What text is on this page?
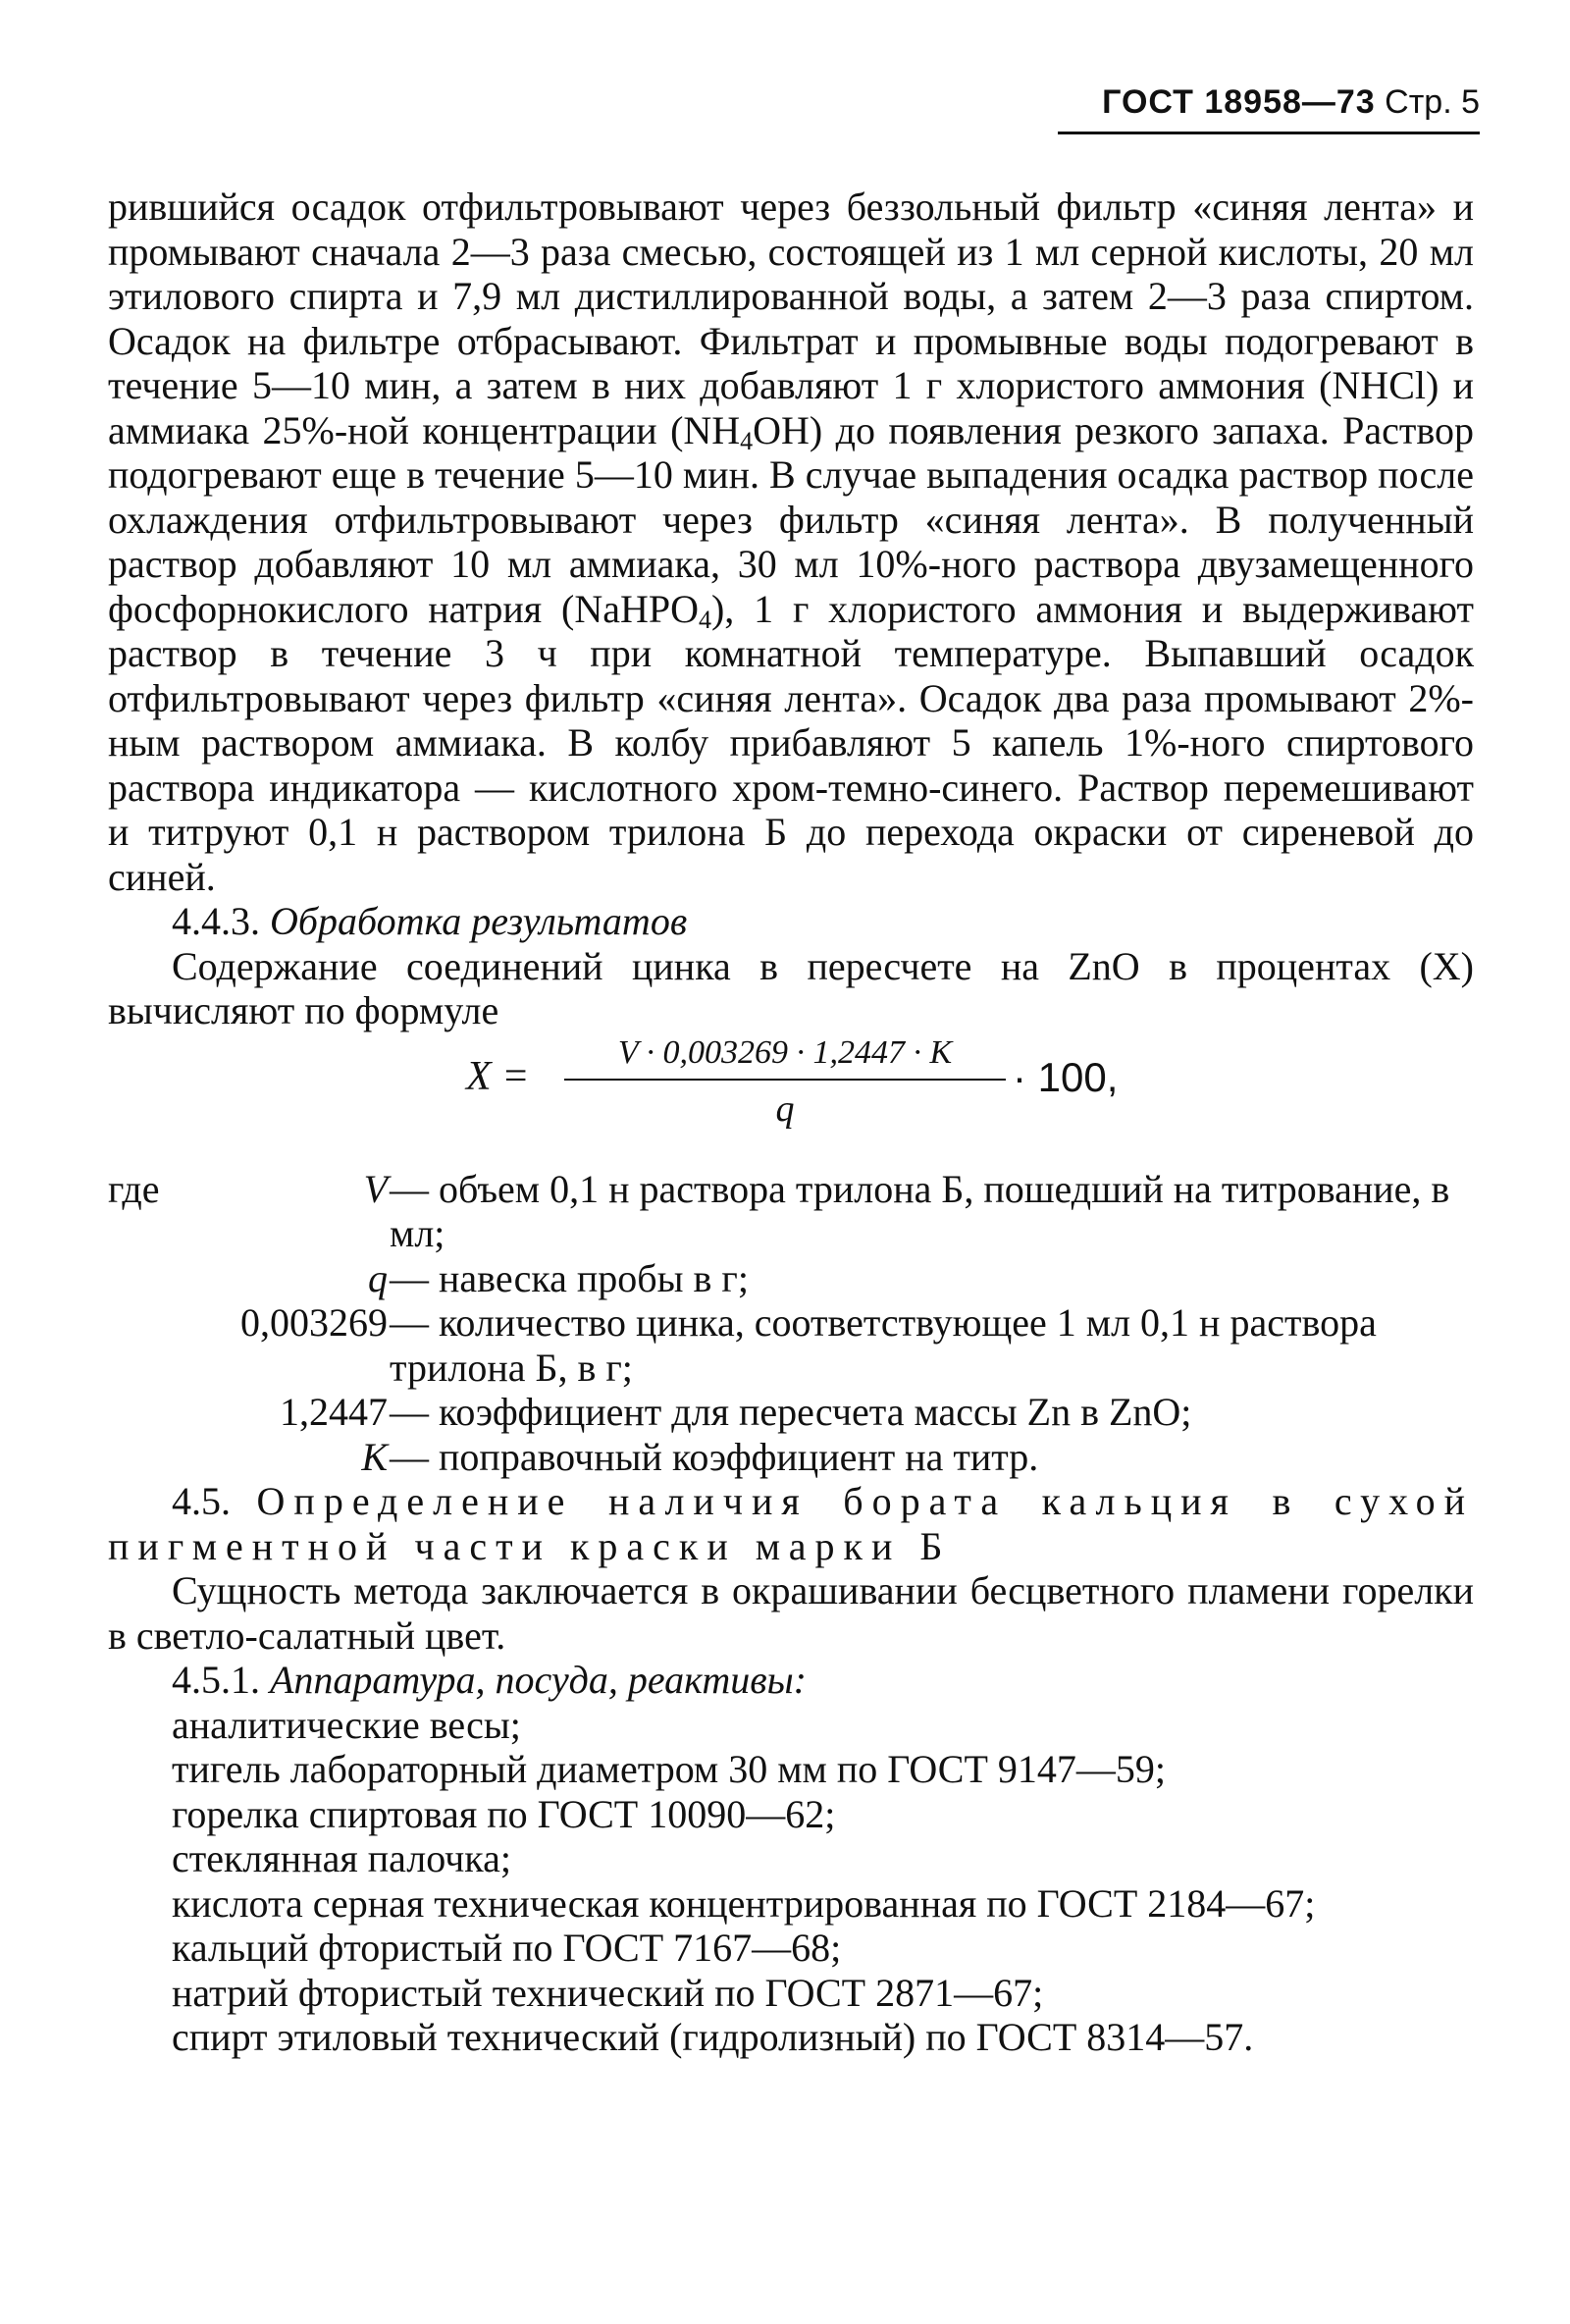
ГОСТ 18958—73 Стр. 5

рившийся осадок отфильтровывают через беззольный фильтр «синяя лента» и промывают сначала 2—3 раза смесью, состоящей из 1 мл серной кислоты, 20 мл этилового спирта и 7,9 мл дистиллированной воды, а затем 2—3 раза спиртом. Осадок на фильтре отбрасывают. Фильтрат и промывные воды подогревают в течение 5—10 мин, а затем в них добавляют 1 г хлористого аммония (NHCl) и аммиака 25%-ной концентрации $(NH_4OH)$ до появления резкого запаха. Раствор подогревают еще в течение 5—10 мин. В случае выпадения осадка раствор после охлаждения отфильтровывают через фильтр «синяя лента». В полученный раствор добавляют 10 мл аммиака, 30 мл 10%-ного раствора двузамещенного фосфорнокислого натрия (NaHPO$_4$), 1 г хлористого аммония и выдерживают раствор в течение 3 ч при комнатной температуре. Выпавший осадок отфильтровывают через фильтр «синяя лента». Осадок два раза промывают 2%-ным раствором аммиака. В колбу прибавляют 5 капель 1%-ного спиртового раствора индикатора — кислотного хром-темно-синего. Раствор перемешивают и титруют 0,1 н раствором трилона Б до перехода окраски от сиреневой до синей.

4.4.3. Обработка результатов

Содержание соединений цинка в пересчете на ZnO в процентах (X) вычисляют по формуле

X =
V · 0,003269 · 1,2447 · K
q
· 100,
где	V — объем 0,1 н раствора трилона Б, пошедший на титрование, в мл;
q — навеска пробы в г;
0,003269 — количество цинка, соответствующее 1 мл 0,1 н раствора трилона Б, в г;
1,2447 — коэффициент для пересчета массы Zn в ZnO;
K — поправочный коэффициент на титр.

4.5. Определение наличия бората кальция в сухой пигментной части краски марки Б

Сущность метода заключается в окрашивании бесцветного пламени горелки в светло-салатный цвет.

4.5.1. Аппаратура, посуда, реактивы:

аналитические весы;

тигель лабораторный диаметром 30 мм по ГОСТ 9147—59;

горелка спиртовая по ГОСТ 10090—62;

стеклянная палочка;

кислота серная техническая концентрированная по ГОСТ 2184—67;

кальций фтористый по ГОСТ 7167—68;

натрий фтористый технический по ГОСТ 2871—67;

спирт этиловый технический (гидролизный) по ГОСТ 8314—57.
